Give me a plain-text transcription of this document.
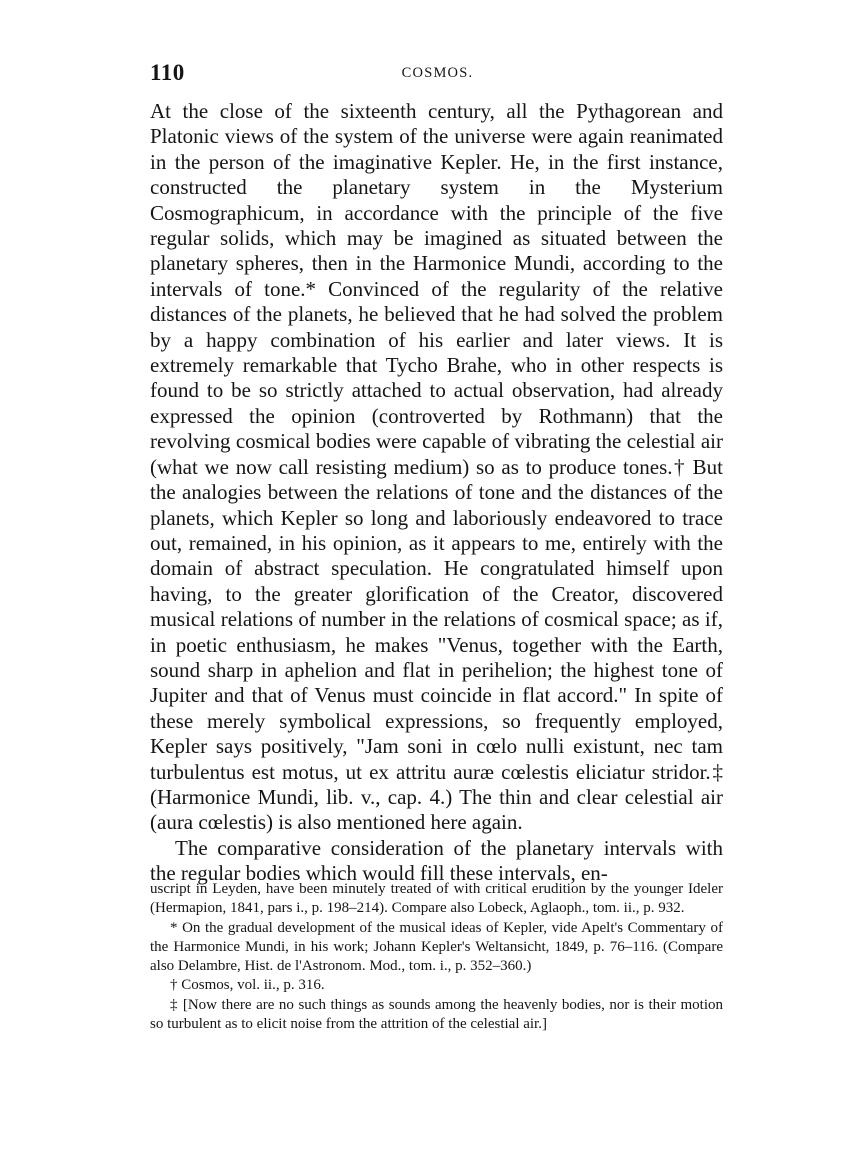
110	COSMOS.

At the close of the sixteenth century, all the Pythagorean and Platonic views of the system of the universe were again reanimated in the person of the imaginative Kepler. He, in the first instance, constructed the planetary system in the Mysterium Cosmographicum, in accordance with the principle of the five regular solids, which may be imagined as situated between the planetary spheres, then in the Harmonice Mundi, according to the intervals of tone.* Convinced of the regularity of the relative distances of the planets, he believed that he had solved the problem by a happy combination of his earlier and later views. It is extremely remarkable that Tycho Brahe, who in other respects is found to be so strictly attached to actual observation, had already expressed the opinion (controverted by Rothmann) that the revolving cosmical bodies were capable of vibrating the celestial air (what we now call resisting medium) so as to produce tones.† But the analogies between the relations of tone and the distances of the planets, which Kepler so long and laboriously endeavored to trace out, remained, in his opinion, as it appears to me, entirely with the domain of abstract speculation. He congratulated himself upon having, to the greater glorification of the Creator, discovered musical relations of number in the relations of cosmical space; as if, in poetic enthusiasm, he makes "Venus, together with the Earth, sound sharp in aphelion and flat in perihelion; the highest tone of Jupiter and that of Venus must coincide in flat accord." In spite of these merely symbolical expressions, so frequently employed, Kepler says positively, "Jam soni in cœlo nulli existunt, nec tam turbulentus est motus, ut ex attritu auræ cœlestis eliciatur stridor.‡ (Harmonice Mundi, lib. v., cap. 4.) The thin and clear celestial air (aura cœlestis) is also mentioned here again.

The comparative consideration of the planetary intervals with the regular bodies which would fill these intervals, en-

uscript in Leyden, have been minutely treated of with critical erudition by the younger Ideler (Hermapion, 1841, pars i., p. 198–214). Compare also Lobeck, Aglaoph., tom. ii., p. 932.

* On the gradual development of the musical ideas of Kepler, vide Apelt's Commentary of the Harmonice Mundi, in his work; Johann Kepler's Weltansicht, 1849, p. 76–116. (Compare also Delambre, Hist. de l'Astronom. Mod., tom. i., p. 352–360.)

† Cosmos, vol. ii., p. 316.

‡ [Now there are no such things as sounds among the heavenly bodies, nor is their motion so turbulent as to elicit noise from the attrition of the celestial air.]
